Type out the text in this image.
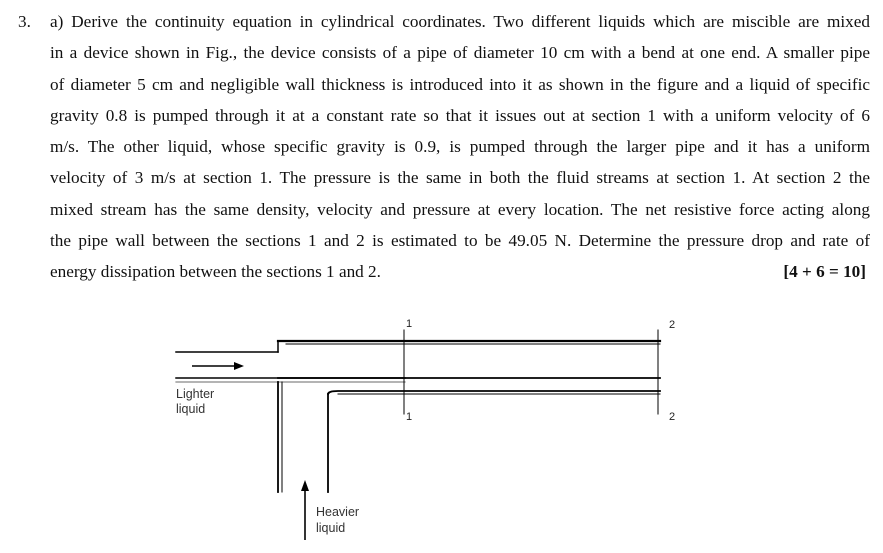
3. a) Derive the continuity equation in cylindrical coordinates. Two different liquids which are miscible are mixed
in a device shown in Fig., the device consists of a pipe of diameter 10 cm with a bend at one end. A smaller pipe
of diameter 5 cm and negligible wall thickness is introduced into it as shown in the figure and a liquid of specific
gravity 0.8 is pumped through it at a constant rate so that it issues out at section 1 with a uniform velocity of 6
m/s. The other liquid, whose specific gravity is 0.9, is pumped through the larger pipe and it has a uniform
velocity of 3 m/s at section 1. The pressure is the same in both the fluid streams at section 1. At section 2 the
mixed stream has the same density, velocity and pressure at every location. The net resistive force acting along
the pipe wall between the sections 1 and 2 is estimated to be 49.05 N. Determine the pressure drop and rate of
energy dissipation between the sections 1 and 2.	[4 + 6 = 10]
Lighter
liquid
Heavier
liquid
1
1
2
2
